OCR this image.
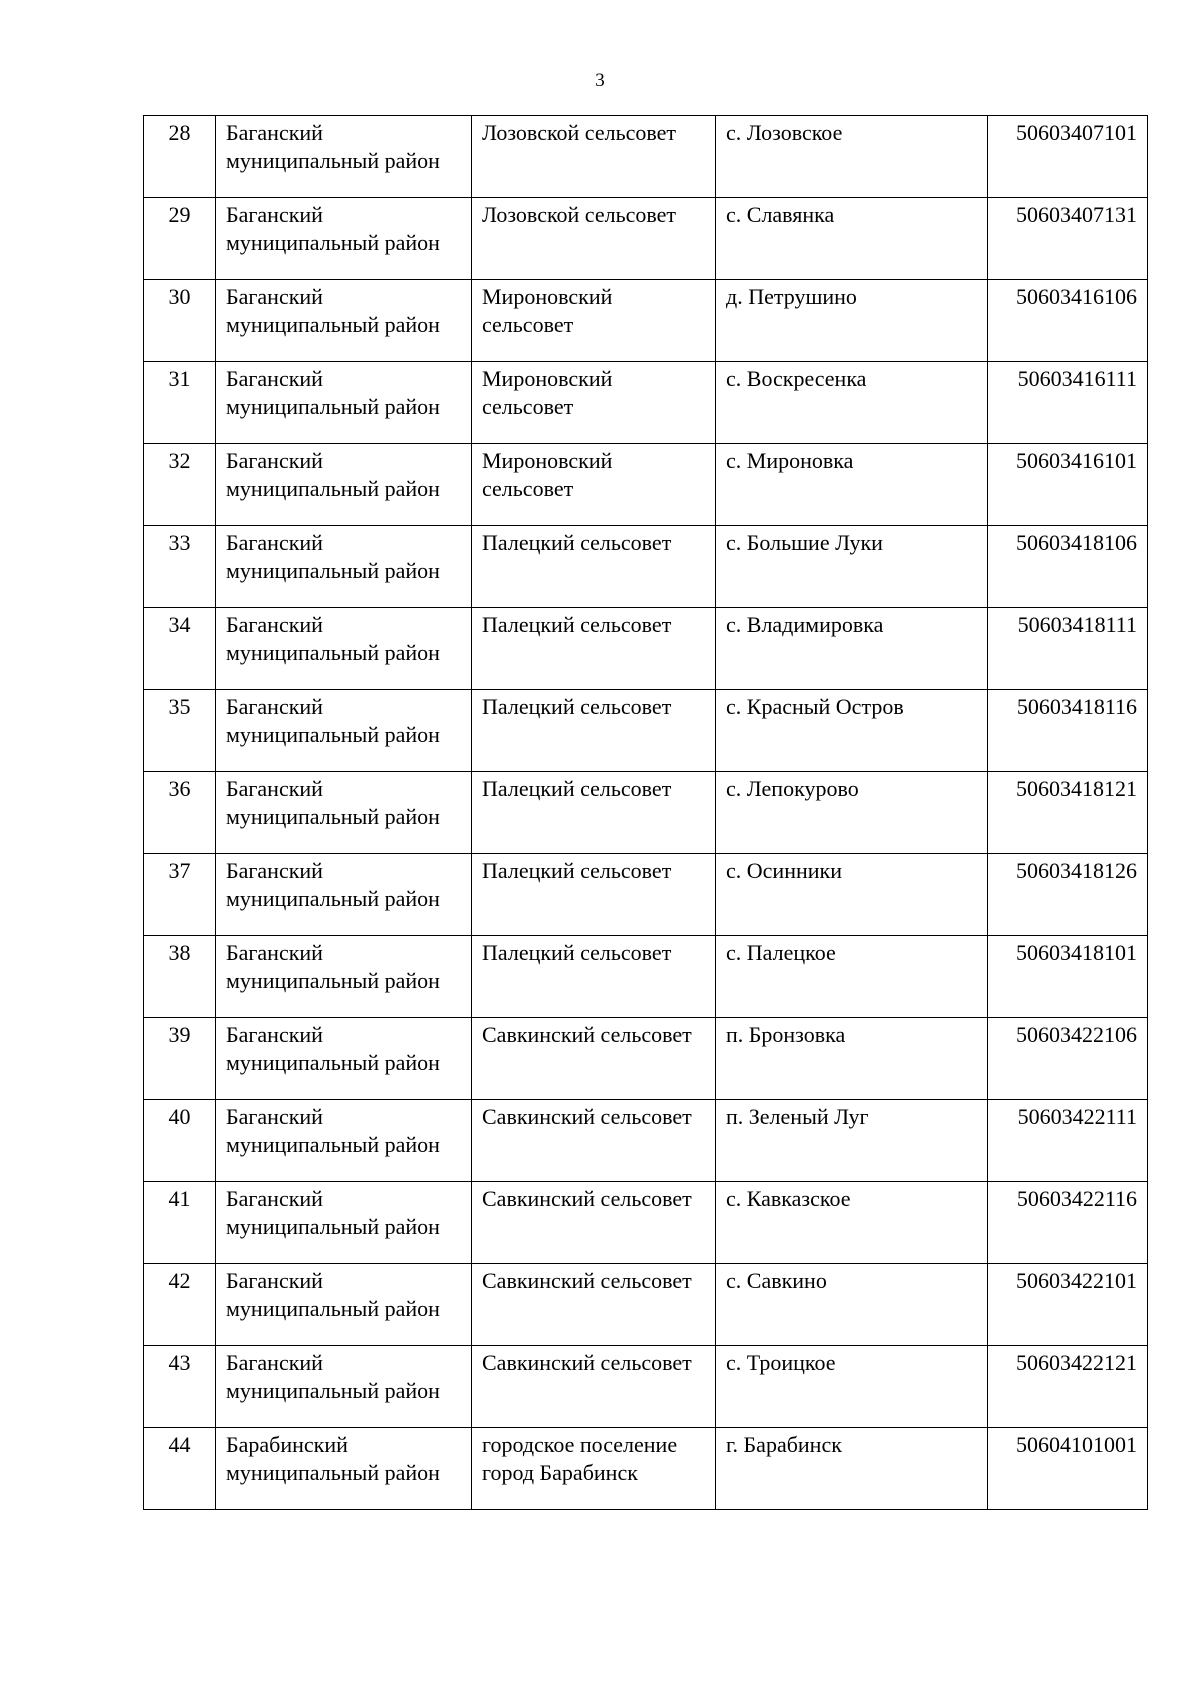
3
28	Баганский муниципальный район	Лозовской сельсовет	с. Лозовское	50603407101
29	Баганский муниципальный район	Лозовской сельсовет	с. Славянка	50603407131
30	Баганский муниципальный район	Мироновский сельсовет	д. Петрушино	50603416106
31	Баганский муниципальный район	Мироновский сельсовет	с. Воскресенка	50603416111
32	Баганский муниципальный район	Мироновский сельсовет	с. Мироновка	50603416101
33	Баганский муниципальный район	Палецкий сельсовет	с. Большие Луки	50603418106
34	Баганский муниципальный район	Палецкий сельсовет	с. Владимировка	50603418111
35	Баганский муниципальный район	Палецкий сельсовет	с. Красный Остров	50603418116
36	Баганский муниципальный район	Палецкий сельсовет	с. Лепокурово	50603418121
37	Баганский муниципальный район	Палецкий сельсовет	с. Осинники	50603418126
38	Баганский муниципальный район	Палецкий сельсовет	с. Палецкое	50603418101
39	Баганский муниципальный район	Савкинский сельсовет	п. Бронзовка	50603422106
40	Баганский муниципальный район	Савкинский сельсовет	п. Зеленый Луг	50603422111
41	Баганский муниципальный район	Савкинский сельсовет	с. Кавказское	50603422116
42	Баганский муниципальный район	Савкинский сельсовет	с. Савкино	50603422101
43	Баганский муниципальный район	Савкинский сельсовет	с. Троицкое	50603422121
44	Барабинский муниципальный район	городское поселение город Барабинск	г. Барабинск	50604101001
